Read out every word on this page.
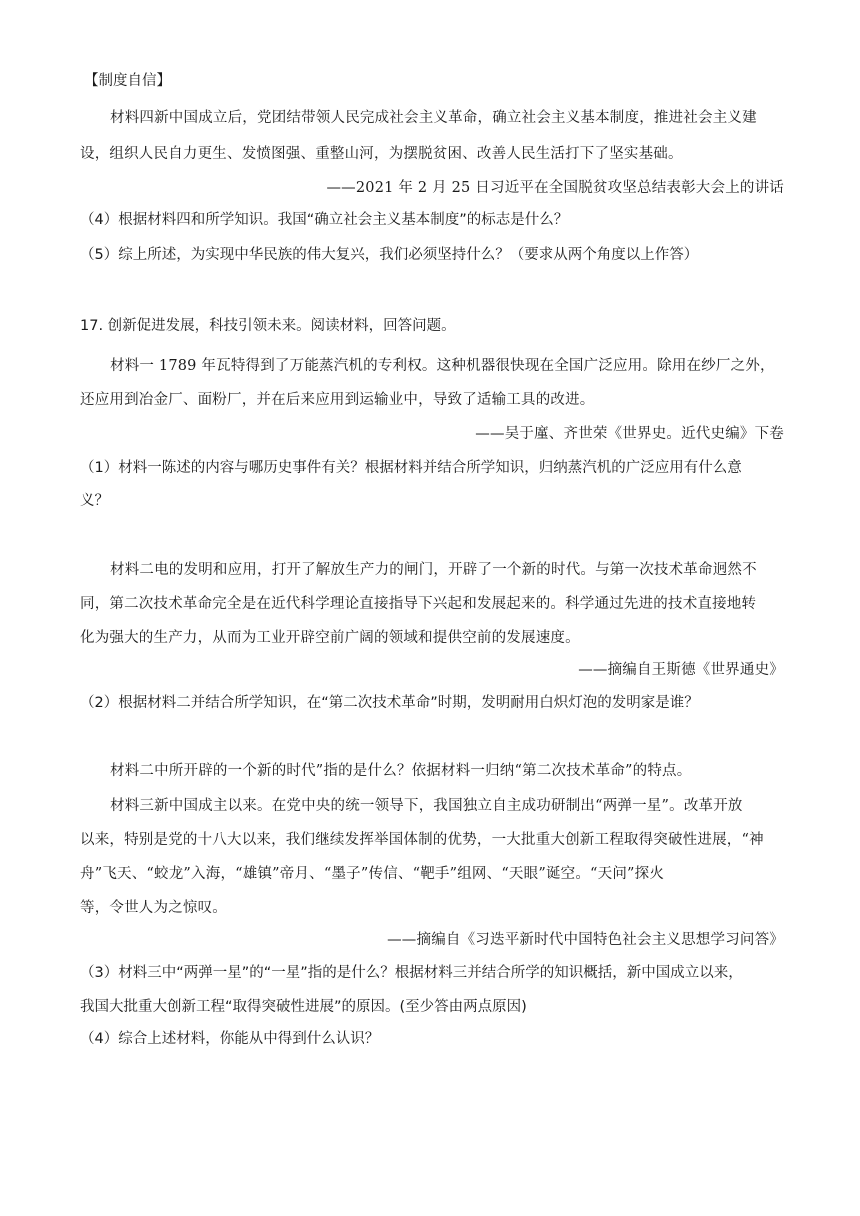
【制度自信】
材料四新中国成立后，党团结带领人民完成社会主义革命，确立社会主义基本制度，推进社会主义建
设，组织人民自力更生、发愤图强、重整山河，为摆脱贫困、改善人民生活打下了坚实基础。
——2021 年 2 月 25 日习近平在全国脱贫攻坚总结表彰大会上的讲话
（4）根据材料四和所学知识。我国“确立社会主义基本制度”的标志是什么？
（5）综上所述，为实现中华民族的伟大复兴，我们必须坚持什么？（要求从两个角度以上作答）
17. 创新促进发展，科技引领未来。阅读材料，回答问题。
材料一 1789 年瓦特得到了万能蒸汽机的专利权。这种机器很快现在全国广泛应用。除用在纱厂之外，
还应用到冶金厂、面粉厂，并在后来应用到运输业中，导致了适输工具的改进。
——吴于廑、齐世荣《世界史。近代史编》下卷
（1）材料一陈述的内容与哪历史事件有关？根据材料并结合所学知识，归纳蒸汽机的广泛应用有什么意
义？
材料二电的发明和应用，打开了解放生产力的闸门，开辟了一个新的时代。与第一次技术革命迥然不
同，第二次技术革命完全是在近代科学理论直接指导下兴起和发展起来的。科学通过先进的技术直接地转
化为强大的生产力，从而为工业开辟空前广阔的领域和提供空前的发展速度。
——摘编自王斯德《世界通史》
（2）根据材料二并结合所学知识，在“第二次技术革命”时期，发明耐用白炽灯泡的发明家是谁？
材料二中所开辟的一个新的时代”指的是什么？依据材料一归纳“第二次技术革命”的特点。
材料三新中国成主以来。在党中央的统一领导下，我国独立自主成功研制出“两弹一星”。改革开放
以来，特别是党的十八大以来，我们继续发挥举国体制的优势，一大批重大创新工程取得突破性进展，“神
舟”飞天、“蛟龙”入海，“雄镇”帝月、“墨子”传信、“靶手”组网、“天眼”诞空。“天问”探火
等，令世人为之惊叹。
——摘编自《习迭平新时代中国特色社会主义思想学习问答》
（3）材料三中“两弹一星”的“一星”指的是什么？根据材料三并结合所学的知识概括，新中国成立以来，
我国大批重大创新工程“取得突破性进展”的原因。(至少答由两点原因)
（4）综合上述材料，你能从中得到什么认识？
